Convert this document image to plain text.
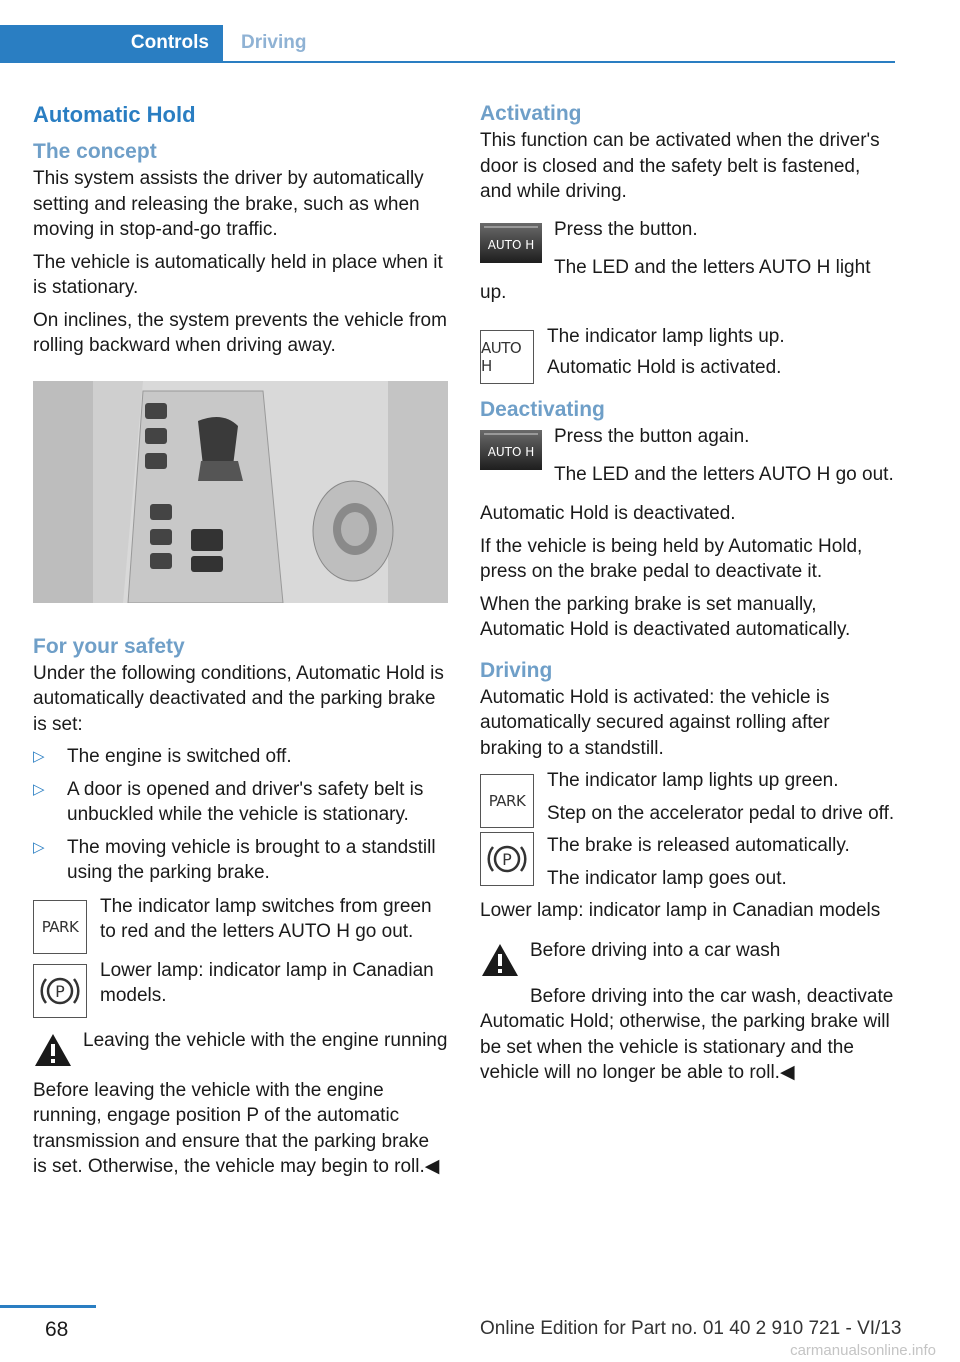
Controls	Driving
Automatic Hold
The concept

This system assists the driver by automatically setting and releasing the brake, such as when moving in stop-and-go traffic.

The vehicle is automatically held in place when it is stationary.

On inclines, the system prevents the vehicle from rolling backward when driving away.

For your safety

Under the following conditions, Automatic Hold is automatically deactivated and the parking brake is set:

▷ The engine is switched off.
▷ A door is opened and driver's safety belt is unbuckled while the vehicle is stationary.
▷ The moving vehicle is brought to a standstill using the parking brake.
PARK

The indicator lamp switches from green to red and the letters AUTO H go out.

P

Lower lamp: indicator lamp in Canadian models.

Leaving the vehicle with the engine running

Before leaving the vehicle with the engine running, engage position P of the automatic transmission and ensure that the parking brake is set. Otherwise, the vehicle may begin to roll.◀

Activating

This function can be activated when the driver's door is closed and the safety belt is fastened, and while driving.

AUTO H

Press the button.

The LED and the letters AUTO H light up.

AUTO H

The indicator lamp lights up.

Automatic Hold is activated.

Deactivating
AUTO H

Press the button again.

The LED and the letters AUTO H go out.

Automatic Hold is deactivated.

If the vehicle is being held by Automatic Hold, press on the brake pedal to deactivate it.

When the parking brake is set manually, Automatic Hold is deactivated automatically.

Driving

Automatic Hold is activated: the vehicle is automatically secured against rolling after braking to a standstill.

PARK
P

The indicator lamp lights up green.

Step on the accelerator pedal to drive off.

The brake is released automatically.

The indicator lamp goes out.

Lower lamp: indicator lamp in Canadian models

Before driving into a car wash

Before driving into the car wash, deactivate Automatic Hold; otherwise, the parking brake will be set when the vehicle is stationary and the vehicle will no longer be able to roll.◀

68	Online Edition for Part no. 01 40 2 910 721 - VI/13
carmanualsonline.info
